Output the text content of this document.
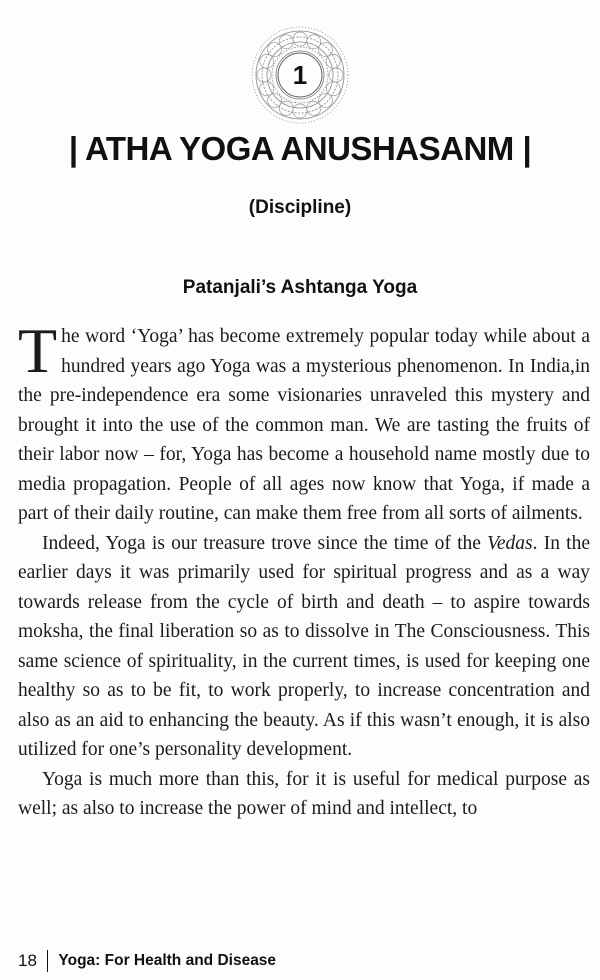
1
| ATHA YOGA ANUSHASANM |
(Discipline)
Patanjali’s Ashtanga Yoga

The word ‘Yoga’ has become extremely popular today while about a hundred years ago Yoga was a mysterious phenomenon. In India,in the pre-independence era some visionaries unraveled this mystery and brought it into the use of the common man. We are tasting the fruits of their labor now – for, Yoga has become a household name mostly due to media propagation. People of all ages now know that Yoga, if made a part of their daily routine, can make them free from all sorts of ailments.

Indeed, Yoga is our treasure trove since the time of the Vedas. In the earlier days it was primarily used for spiritual progress and as a way towards release from the cycle of birth and death – to aspire towards moksha, the final liberation so as to dissolve in The Consciousness. This same science of spirituality, in the current times, is used for keeping one healthy so as to be fit, to work properly, to increase concentration and also as an aid to enhancing the beauty. As if this wasn’t enough, it is also utilized for one’s personality development.

Yoga is much more than this, for it is useful for medical purpose as well; as also to increase the power of mind and intellect, to

18 Yoga: For Health and Disease
